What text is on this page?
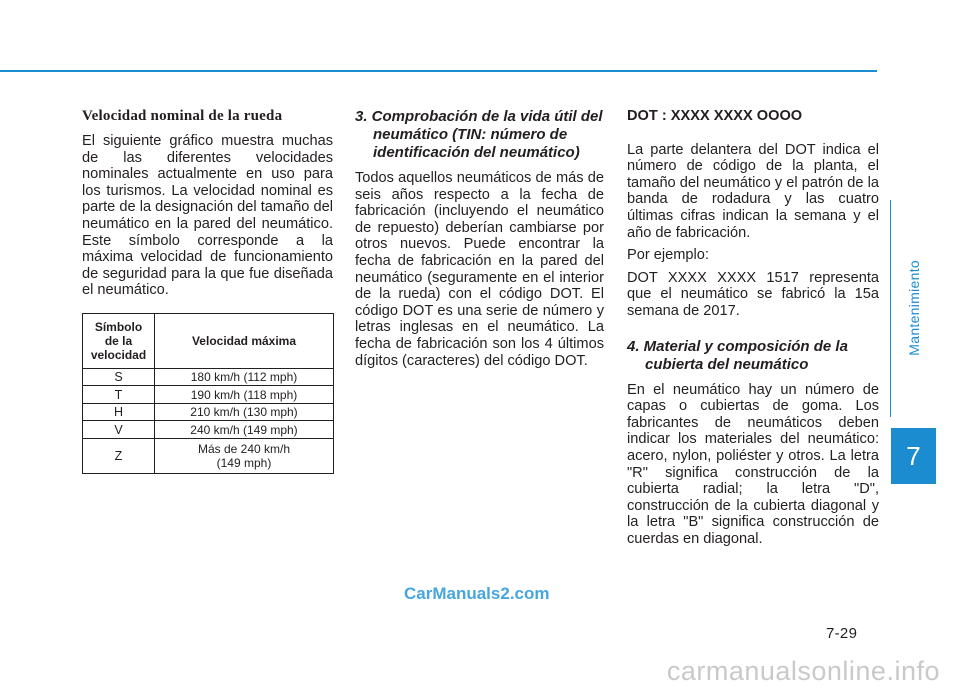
Velocidad nominal de la rueda

El siguiente gráfico muestra muchas de las diferentes velocidades nominales actualmente en uso para los turismos. La velocidad nominal es parte de la designación del tamaño del neumático en la pared del neumático. Este símbolo corresponde a la máxima velocidad de funcionamiento de seguridad para la que fue diseñada el neumático.

Símbolo
de la
velocidad	Velocidad máxima
S	180 km/h (112 mph)
T	190 km/h (118 mph)
H	210 km/h (130 mph)
V	240 km/h (149 mph)
Z	Más de 240 km/h
(149 mph)
3. Comprobación de la vida útil del neumático (TIN: número de identificación del neumático)

Todos aquellos neumáticos de más de seis años respecto a la fecha de fabricación (incluyendo el neumático de repuesto) deberían cambiarse por otros nuevos. Puede encontrar la fecha de fabricación en la pared del neumático (seguramente en el interior de la rueda) con el código DOT. El código DOT es una serie de número y letras inglesas en el neumático. La fecha de fabricación son los 4 últimos dígitos (caracteres) del código DOT.

DOT : XXXX XXXX OOOO

La parte delantera del DOT indica el número de código de la planta, el tamaño del neumático y el patrón de la banda de rodadura y las cuatro últimas cifras indican la semana y el año de fabricación.

Por ejemplo:

DOT XXXX XXXX 1517 representa que el neumático se fabricó la 15a semana de 2017.

4. Material y composición de la cubierta del neumático

En el neumático hay un número de capas o cubiertas de goma. Los fabricantes de neumáticos deben indicar los materiales del neumático: acero, nylon, poliéster y otros. La letra "R" significa construcción de la cubierta radial; la letra "D", construcción de la cubierta diagonal y la letra "B" significa construcción de cuerdas en diagonal.

Mantenimiento
7
CarManuals2.com
7-29
carmanualsonline.info
